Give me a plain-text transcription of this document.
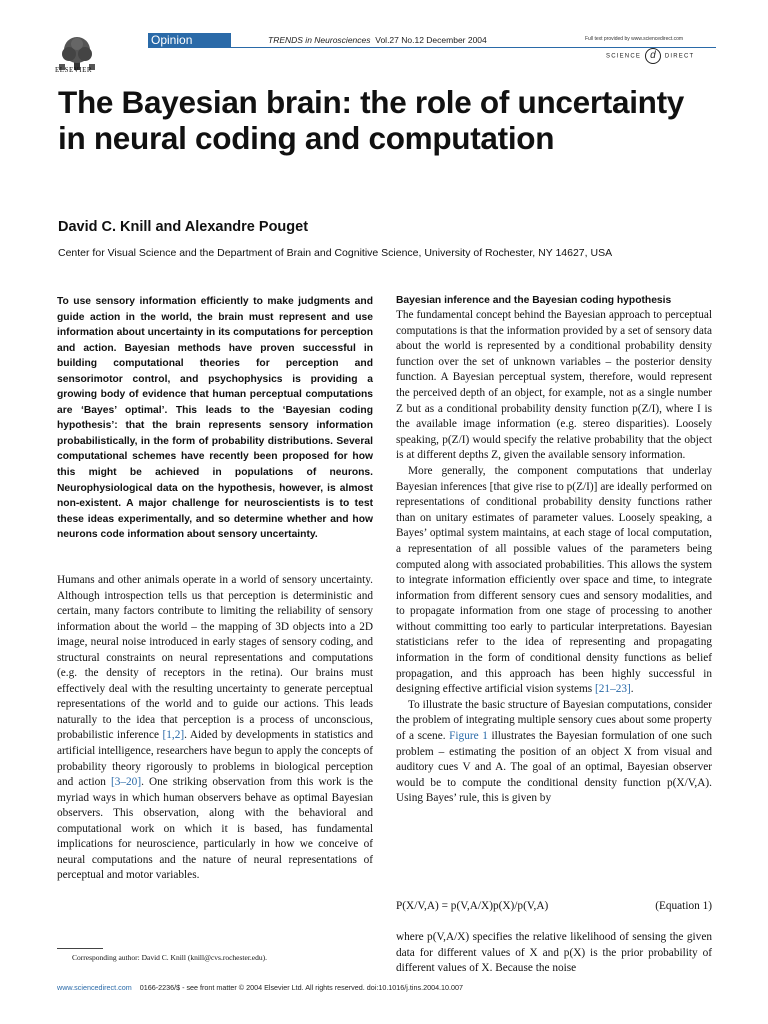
ELSEVIER
Opinion	TRENDS in Neurosciences Vol.27 No.12 December 2004	Full text provided by www.sciencedirect.com
SCIENCE d DIRECT
The Bayesian brain: the role of uncertainty in neural coding and computation
David C. Knill and Alexandre Pouget
Center for Visual Science and the Department of Brain and Cognitive Science, University of Rochester, NY 14627, USA

To use sensory information efficiently to make judgments and guide action in the world, the brain must represent and use information about uncertainty in its computations for perception and action. Bayesian methods have proven successful in building computational theories for perception and sensorimotor control, and psychophysics is providing a growing body of evidence that human perceptual computations are ‘Bayes’ optimal’. This leads to the ‘Bayesian coding hypothesis’: that the brain represents sensory information probabilistically, in the form of probability distributions. Several computational schemes have recently been proposed for how this might be achieved in populations of neurons. Neurophysiological data on the hypothesis, however, is almost non-existent. A major challenge for neuroscientists is to test these ideas experimentally, and so determine whether and how neurons code information about sensory uncertainty.

Humans and other animals operate in a world of sensory uncertainty. Although introspection tells us that perception is deterministic and certain, many factors contribute to limiting the reliability of sensory information about the world – the mapping of 3D objects into a 2D image, neural noise introduced in early stages of sensory coding, and structural constraints on neural representations and computations (e.g. the density of receptors in the retina). Our brains must effectively deal with the resulting uncertainty to generate perceptual representations of the world and to guide our actions. This leads naturally to the idea that perception is a process of unconscious, probabilistic inference [1,2]. Aided by developments in statistics and artificial intelligence, researchers have begun to apply the concepts of probability theory rigorously to problems in biological perception and action [3–20]. One striking observation from this work is the myriad ways in which human observers behave as optimal Bayesian observers. This observation, along with the behavioral and computational work on which it is based, has fundamental implications for neuroscience, particularly in how we conceive of neural computations and the nature of neural representations of perceptual and motor variables.

Corresponding author: David C. Knill (knill@cvs.rochester.edu).
Bayesian inference and the Bayesian coding hypothesis

The fundamental concept behind the Bayesian approach to perceptual computations is that the information provided by a set of sensory data about the world is represented by a conditional probability density function over the set of unknown variables – the posterior density function. A Bayesian perceptual system, therefore, would represent the perceived depth of an object, for example, not as a single number Z but as a conditional probability density function p(Z/I), where I is the available image information (e.g. stereo disparities). Loosely speaking, p(Z/I) would specify the relative probability that the object is at different depths Z, given the available sensory information.

More generally, the component computations that underlay Bayesian inferences [that give rise to p(Z/I)] are ideally performed on representations of conditional probability density functions rather than on unitary estimates of parameter values. Loosely speaking, a Bayes’ optimal system maintains, at each stage of local computation, a representation of all possible values of the parameters being computed along with associated probabilities. This allows the system to integrate information efficiently over space and time, to integrate information from different sensory cues and sensory modalities, and to propagate information from one stage of processing to another without committing too early to particular interpretations. Bayesian statisticians refer to the idea of representing and propagating information in the form of conditional density functions as belief propagation, and this approach has been highly successful in designing effective artificial vision systems [21–23].

To illustrate the basic structure of Bayesian computations, consider the problem of integrating multiple sensory cues about some property of a scene. Figure 1 illustrates the Bayesian formulation of one such problem – estimating the position of an object X from visual and auditory cues V and A. The goal of an optimal, Bayesian observer would be to compute the conditional density function p(X/V,A). Using Bayes’ rule, this is given by

P(X/V,A) = p(V,A/X)p(X)/p(V,A)	(Equation 1)

where p(V,A/X) specifies the relative likelihood of sensing the given data for different values of X and p(X) is the prior probability of different values of X. Because the noise

www.sciencedirect.com 0166-2236/$ - see front matter © 2004 Elsevier Ltd. All rights reserved. doi:10.1016/j.tins.2004.10.007
